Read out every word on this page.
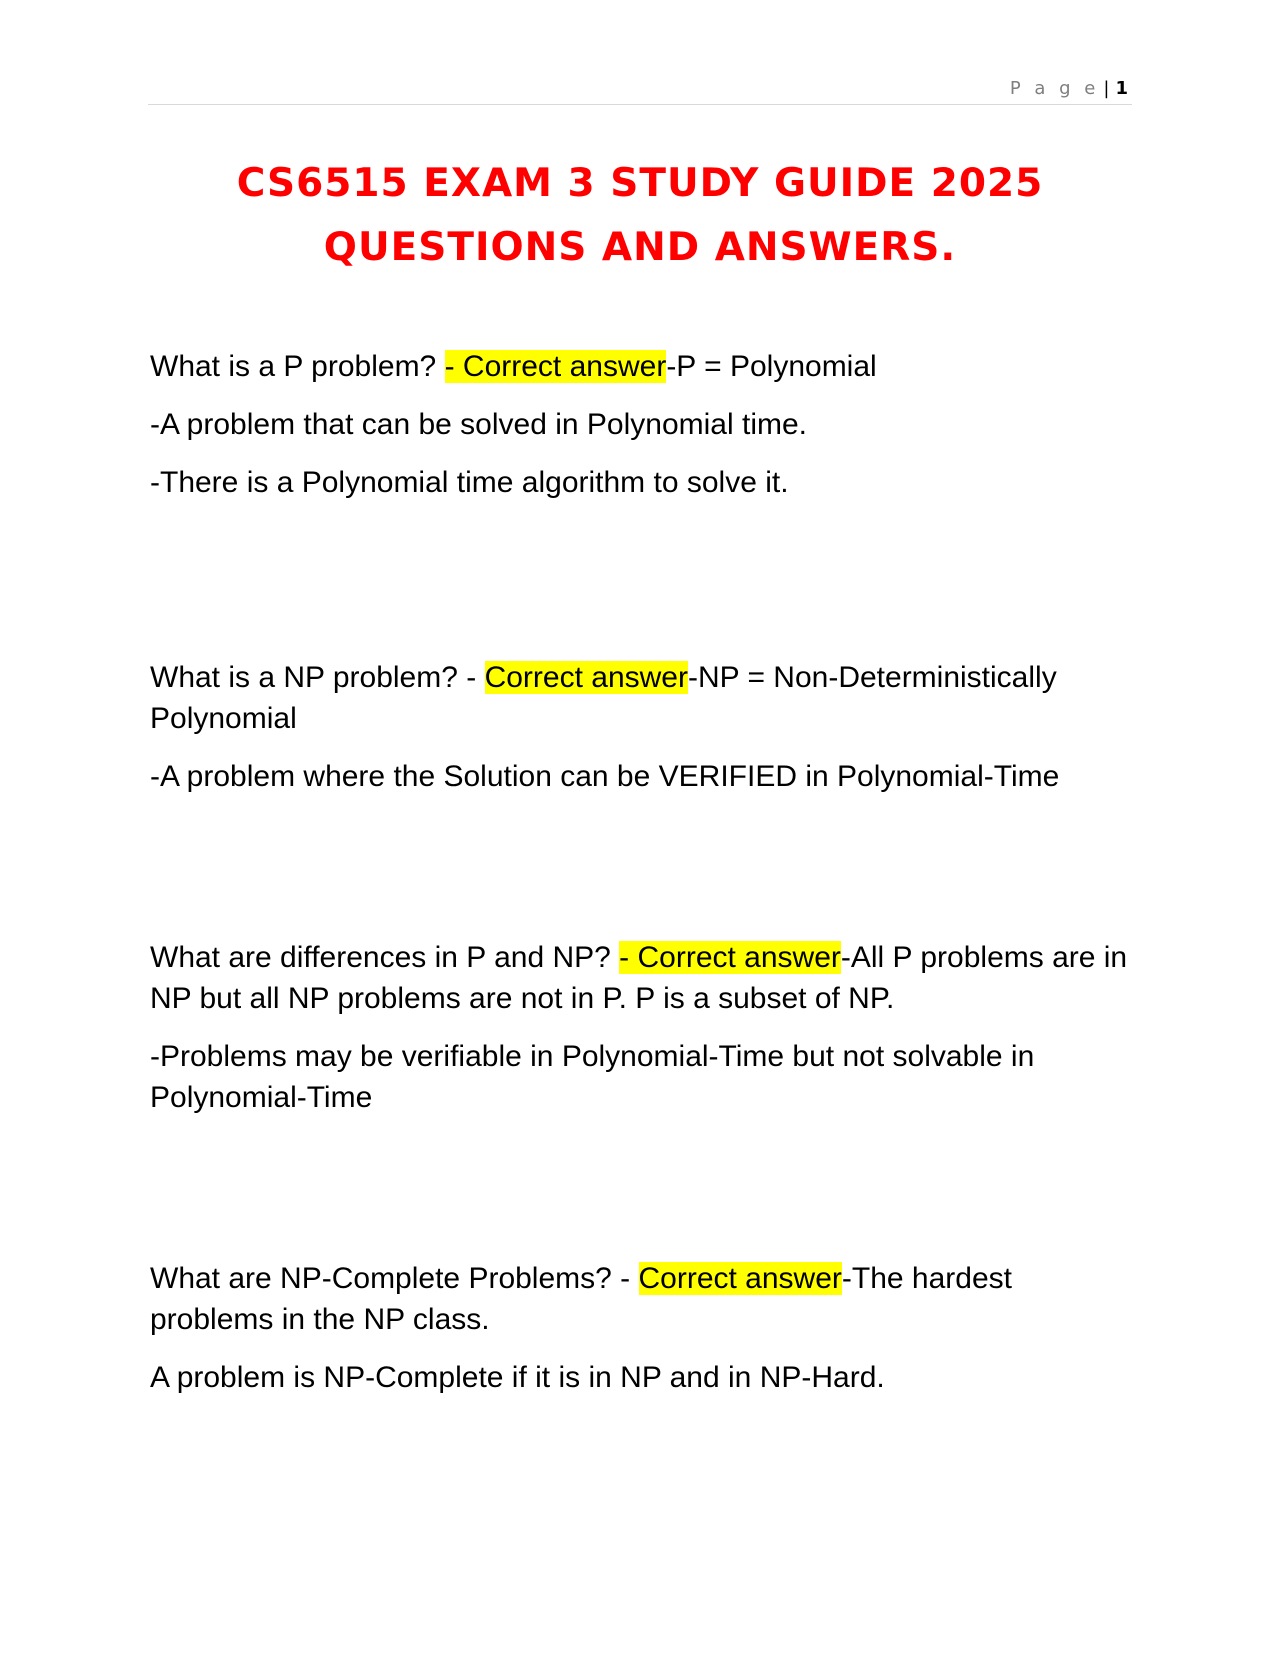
P a g e | 1
CS6515 EXAM 3 STUDY GUIDE 2025
QUESTIONS AND ANSWERS.

What is a P problem? - Correct answer-P = Polynomial

-A problem that can be solved in Polynomial time.

-There is a Polynomial time algorithm to solve it.

What is a NP problem? - Correct answer-NP = Non-Deterministically Polynomial

-A problem where the Solution can be VERIFIED in Polynomial-Time

What are differences in P and NP? - Correct answer-All P problems are in NP but all NP problems are not in P. P is a subset of NP.

-Problems may be verifiable in Polynomial-Time but not solvable in Polynomial-Time

What are NP-Complete Problems? - Correct answer-The hardest problems in the NP class.

A problem is NP-Complete if it is in NP and in NP-Hard.
